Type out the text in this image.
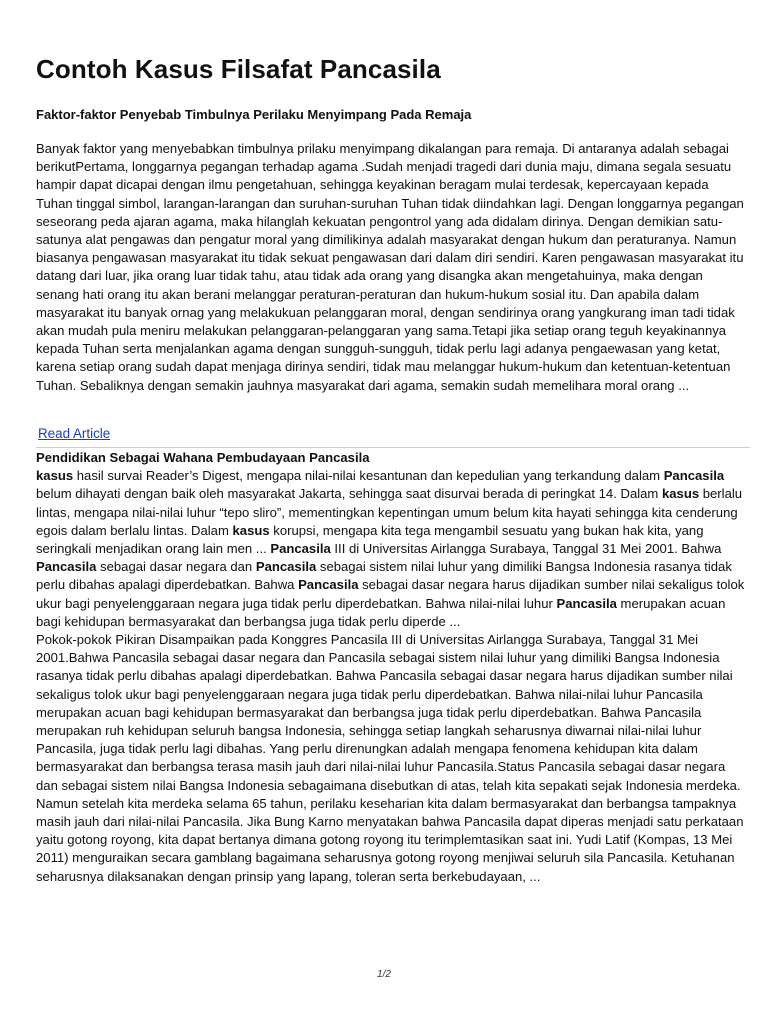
Contoh Kasus Filsafat Pancasila
Faktor-faktor Penyebab Timbulnya Perilaku Menyimpang Pada Remaja

Banyak faktor yang menyebabkan timbulnya prilaku menyimpang dikalangan para remaja. Di antaranya adalah sebagai berikutPertama, longgarnya pegangan terhadap agama .Sudah menjadi tragedi dari dunia maju, dimana segala sesuatu hampir dapat dicapai dengan ilmu pengetahuan, sehingga keyakinan beragam mulai terdesak, kepercayaan kepada Tuhan tinggal simbol, larangan-larangan dan suruhan-suruhan Tuhan tidak diindahkan lagi. Dengan longgarnya pegangan seseorang peda ajaran agama, maka hilanglah kekuatan pengontrol yang ada didalam dirinya. Dengan demikian satu-satunya alat pengawas dan pengatur moral yang dimilikinya adalah masyarakat dengan hukum dan peraturanya. Namun biasanya pengawasan masyarakat itu tidak sekuat pengawasan dari dalam diri sendiri. Karen pengawasan masyarakat itu datang dari luar, jika orang luar tidak tahu, atau tidak ada orang yang disangka akan mengetahuinya, maka dengan senang hati orang itu akan berani melanggar peraturan-peraturan dan hukum-hukum sosial itu. Dan apabila dalam masyarakat itu banyak ornag yang melakukuan pelanggaran moral, dengan sendirinya orang yangkurang iman tadi tidak akan mudah pula meniru melakukan pelanggaran-pelanggaran yang sama.Tetapi jika setiap orang teguh keyakinannya kepada Tuhan serta menjalankan agama dengan sungguh-sungguh, tidak perlu lagi adanya pengaewasan yang ketat, karena setiap orang sudah dapat menjaga dirinya sendiri, tidak mau melanggar hukum-hukum dan ketentuan-ketentuan Tuhan. Sebaliknya dengan semakin jauhnya masyarakat dari agama, semakin sudah memelihara moral orang ...

Read Article

Pendidikan Sebagai Wahana Pembudayaan Pancasila

kasus hasil survai Reader’s Digest, mengapa nilai-nilai kesantunan dan kepedulian yang terkandung dalam Pancasila belum dihayati dengan baik oleh masyarakat Jakarta, sehingga saat disurvai berada di peringkat 14. Dalam kasus berlalu lintas, mengapa nilai-nilai luhur “tepo sliro”, mementingkan kepentingan umum belum kita hayati sehingga kita cenderung egois dalam berlalu lintas. Dalam kasus korupsi, mengapa kita tega mengambil sesuatu yang bukan hak kita, yang seringkali menjadikan orang lain men ... Pancasila III di Universitas Airlangga Surabaya, Tanggal 31 Mei 2001. Bahwa Pancasila sebagai dasar negara dan Pancasila sebagai sistem nilai luhur yang dimiliki Bangsa Indonesia rasanya tidak perlu dibahas apalagi diperdebatkan. Bahwa Pancasila sebagai dasar negara harus dijadikan sumber nilai sekaligus tolok ukur bagi penyelenggaraan negara juga tidak perlu diperdebatkan. Bahwa nilai-nilai luhur Pancasila merupakan acuan bagi kehidupan bermasyarakat dan berbangsa juga tidak perlu diperde ...

Pokok-pokok Pikiran Disampaikan pada Konggres Pancasila III di Universitas Airlangga Surabaya, Tanggal 31 Mei 2001.Bahwa Pancasila sebagai dasar negara dan Pancasila sebagai sistem nilai luhur yang dimiliki Bangsa Indonesia rasanya tidak perlu dibahas apalagi diperdebatkan. Bahwa Pancasila sebagai dasar negara harus dijadikan sumber nilai sekaligus tolok ukur bagi penyelenggaraan negara juga tidak perlu diperdebatkan. Bahwa nilai-nilai luhur Pancasila merupakan acuan bagi kehidupan bermasyarakat dan berbangsa juga tidak perlu diperdebatkan. Bahwa Pancasila merupakan ruh kehidupan seluruh bangsa Indonesia, sehingga setiap langkah seharusnya diwarnai nilai-nilai luhur Pancasila, juga tidak perlu lagi dibahas. Yang perlu direnungkan adalah mengapa fenomena kehidupan kita dalam bermasyarakat dan berbangsa terasa masih jauh dari nilai-nilai luhur Pancasila.Status Pancasila sebagai dasar negara dan sebagai sistem nilai Bangsa Indonesia sebagaimana disebutkan di atas, telah kita sepakati sejak Indonesia merdeka. Namun setelah kita merdeka selama 65 tahun, perilaku keseharian kita dalam bermasyarakat dan berbangsa tampaknya masih jauh dari nilai-nilai Pancasila. Jika Bung Karno menyatakan bahwa Pancasila dapat diperas menjadi satu perkataan yaitu gotong royong, kita dapat bertanya dimana gotong royong itu terimplemtasikan saat ini. Yudi Latif (Kompas, 13 Mei 2011) menguraikan secara gamblang bagaimana seharusnya gotong royong menjiwai seluruh sila Pancasila. Ketuhanan seharusnya dilaksanakan dengan prinsip yang lapang, toleran serta berkebudayaan, ...

1/2
